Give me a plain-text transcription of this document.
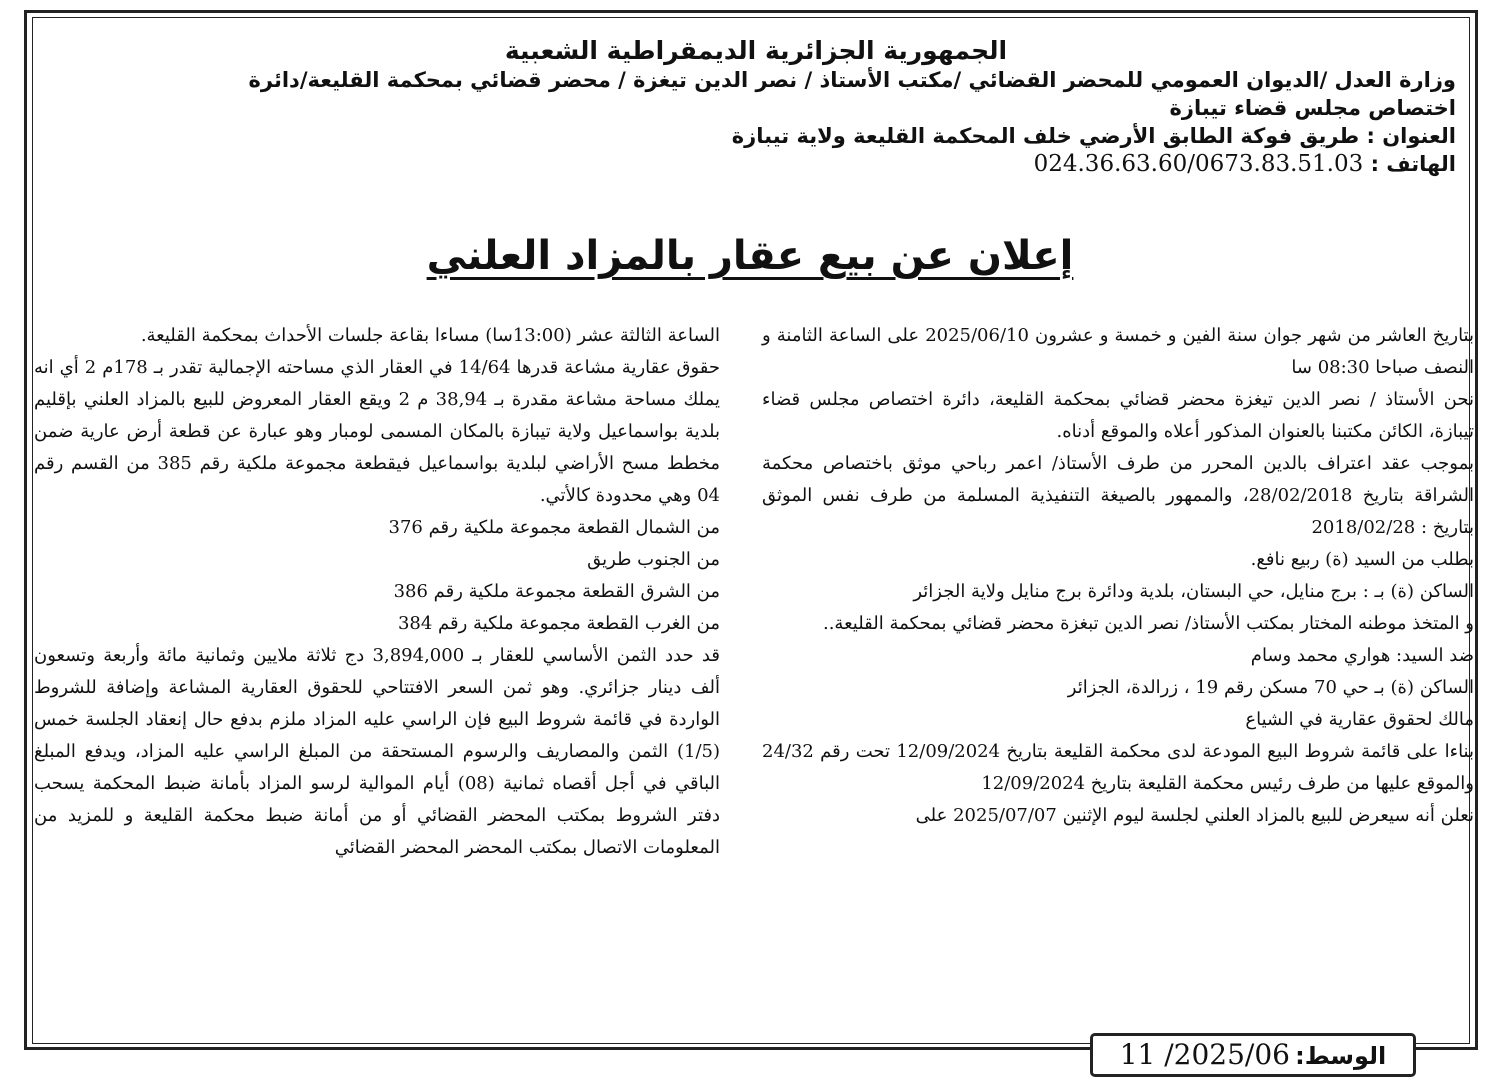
الجمهورية الجزائرية الديمقراطية الشعبية
وزارة العدل /الديوان العمومي للمحضر القضائي /مكتب الأستاذ / نصر الدين تيغزة / محضر قضائي بمحكمة القليعة/دائرة
اختصاص مجلس قضاء تيبازة
العنوان : طريق فوكة الطابق الأرضي خلف المحكمة القليعة ولاية تيبازة
الهاتف : 024.36.63.60/0673.83.51.03
إعلان عن بيع عقار بالمزاد العلني

بتاريخ العاشر من شهر جوان سنة الفين و خمسة و عشرون 2025/06/10 على الساعة الثامنة و النصف صباحا 08:30 سا

نحن الأستاذ / نصر الدين تيغزة محضر قضائي بمحكمة القليعة، دائرة اختصاص مجلس قضاء تيبازة، الكائن مكتبنا بالعنوان المذكور أعلاه والموقع أدناه.

بموجب عقد اعتراف بالدين المحرر من طرف الأستاذ/ اعمر رباحي موثق باختصاص محكمة الشراقة بتاريخ 28/02/2018، والممهور بالصيغة التنفيذية المسلمة من طرف نفس الموثق بتاريخ : 2018/02/28

بطلب من السيد (ة) ربيع نافع.

الساكن (ة) بـ : برج منايل، حي البستان، بلدية ودائرة برج منايل ولاية الجزائر

و المتخذ موطنه المختار بمكتب الأستاذ/ نصر الدين تبغزة محضر قضائي بمحكمة القليعة..

ضد السيد: هواري محمد وسام

الساكن (ة) بـ حي 70 مسكن رقم 19 ، زرالدة، الجزائر

مالك لحقوق عقارية في الشياع

بناءا على قائمة شروط البيع المودعة لدى محكمة القليعة بتاريخ 12/09/2024 تحت رقم 24/32 والموقع عليها من طرف رئيس محكمة القليعة بتاريخ 12/09/2024

نعلن أنه سيعرض للبيع بالمزاد العلني لجلسة ليوم الإثنين 2025/07/07 على

الساعة الثالثة عشر (13:00سا) مساءا بقاعة جلسات الأحداث بمحكمة القليعة.

حقوق عقارية مشاعة قدرها 14/64 في العقار الذي مساحته الإجمالية تقدر بـ 178م 2 أي انه يملك مساحة مشاعة مقدرة بـ 38,94 م 2 ويقع العقار المعروض للبيع بالمزاد العلني بإقليم بلدية بواسماعيل ولاية تيبازة بالمكان المسمى لومبار وهو عبارة عن قطعة أرض عارية ضمن مخطط مسح الأراضي لبلدية بواسماعيل فيقطعة مجموعة ملكية رقم 385 من القسم رقم 04 وهي محدودة كالأتي.

من الشمال القطعة مجموعة ملكية رقم 376

من الجنوب طريق

من الشرق القطعة مجموعة ملكية رقم 386

من الغرب القطعة مجموعة ملكية رقم 384

قد حدد الثمن الأساسي للعقار بـ 3,894,000 دج ثلاثة ملايين وثمانية مائة وأربعة وتسعون ألف دينار جزائري. وهو ثمن السعر الافتتاحي للحقوق العقارية المشاعة وإضافة للشروط الواردة في قائمة شروط البيع فإن الراسي عليه المزاد ملزم بدفع حال إنعقاد الجلسة خمس (1/5) الثمن والمصاريف والرسوم المستحقة من المبلغ الراسي عليه المزاد، ويدفع المبلغ الباقي في أجل أقصاه ثمانية (08) أيام الموالية لرسو المزاد بأمانة ضبط المحكمة يسحب دفتر الشروط بمكتب المحضر القضائي أو من أمانة ضبط محكمة القليعة و للمزيد من المعلومات الاتصال بمكتب المحضر المحضر القضائي

الوسط: 11 /2025/06
